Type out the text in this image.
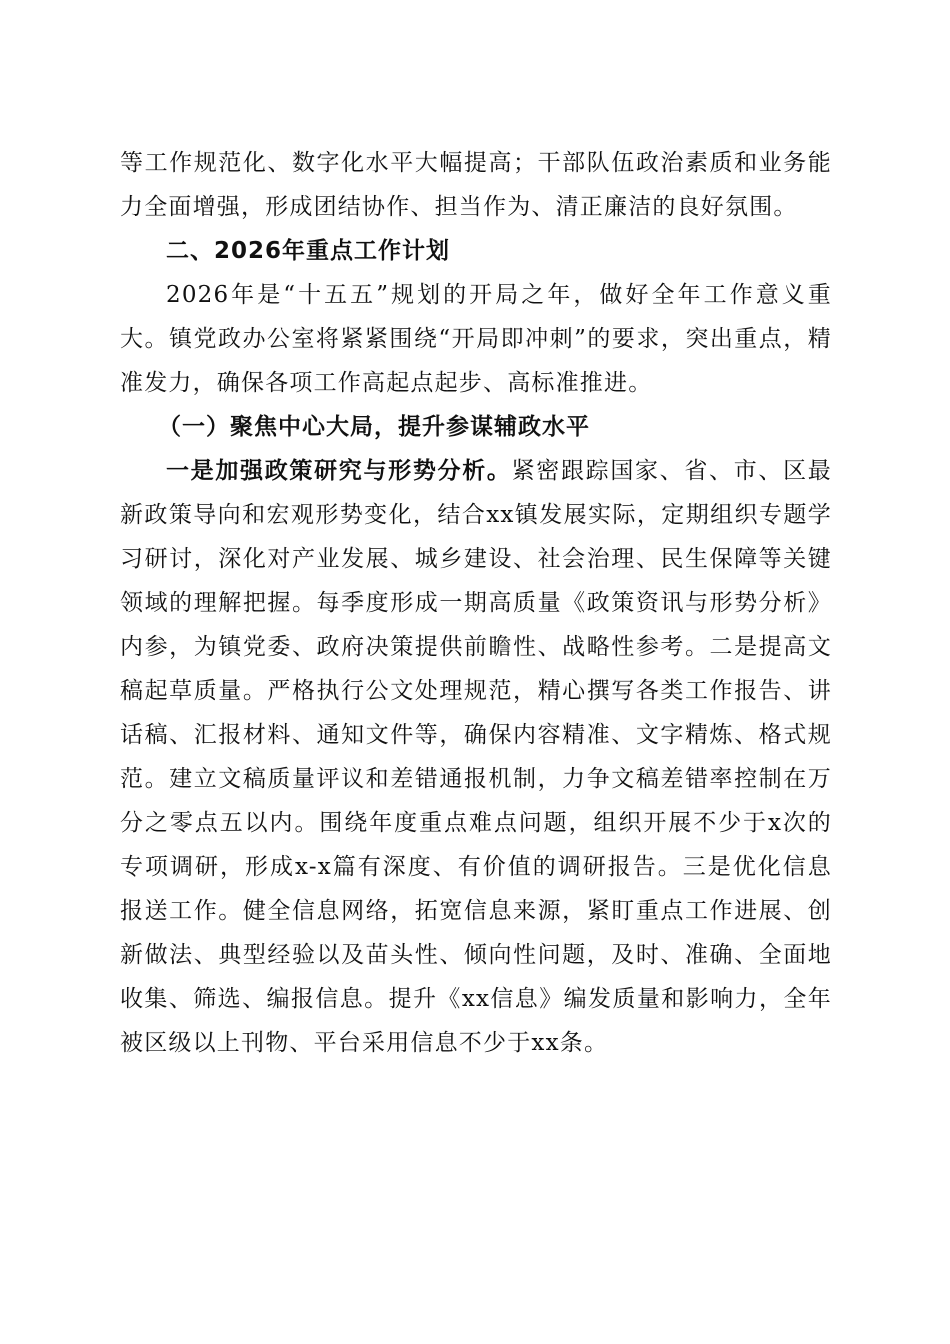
等工作规范化、数字化水平大幅提高；干部队伍政治素质和业务能力全面增强，形成团结协作、担当作为、清正廉洁的良好氛围。

二、2026年重点工作计划

2026年是“十五五”规划的开局之年，做好全年工作意义重大。镇党政办公室将紧紧围绕“开局即冲刺”的要求，突出重点，精准发力，确保各项工作高起点起步、高标准推进。

（一）聚焦中心大局，提升参谋辅政水平

一是加强政策研究与形势分析。紧密跟踪国家、省、市、区最新政策导向和宏观形势变化，结合xx镇发展实际，定期组织专题学习研讨，深化对产业发展、城乡建设、社会治理、民生保障等关键领域的理解把握。每季度形成一期高质量《政策资讯与形势分析》内参，为镇党委、政府决策提供前瞻性、战略性参考。二是提高文稿起草质量。严格执行公文处理规范，精心撰写各类工作报告、讲话稿、汇报材料、通知文件等，确保内容精准、文字精炼、格式规范。建立文稿质量评议和差错通报机制，力争文稿差错率控制在万分之零点五以内。围绕年度重点难点问题，组织开展不少于x次的专项调研，形成x-x篇有深度、有价值的调研报告。三是优化信息报送工作。健全信息网络，拓宽信息来源，紧盯重点工作进展、创新做法、典型经验以及苗头性、倾向性问题，及时、准确、全面地收集、筛选、编报信息。提升《xx信息》编发质量和影响力，全年被区级以上刊物、平台采用信息不少于xx条。
